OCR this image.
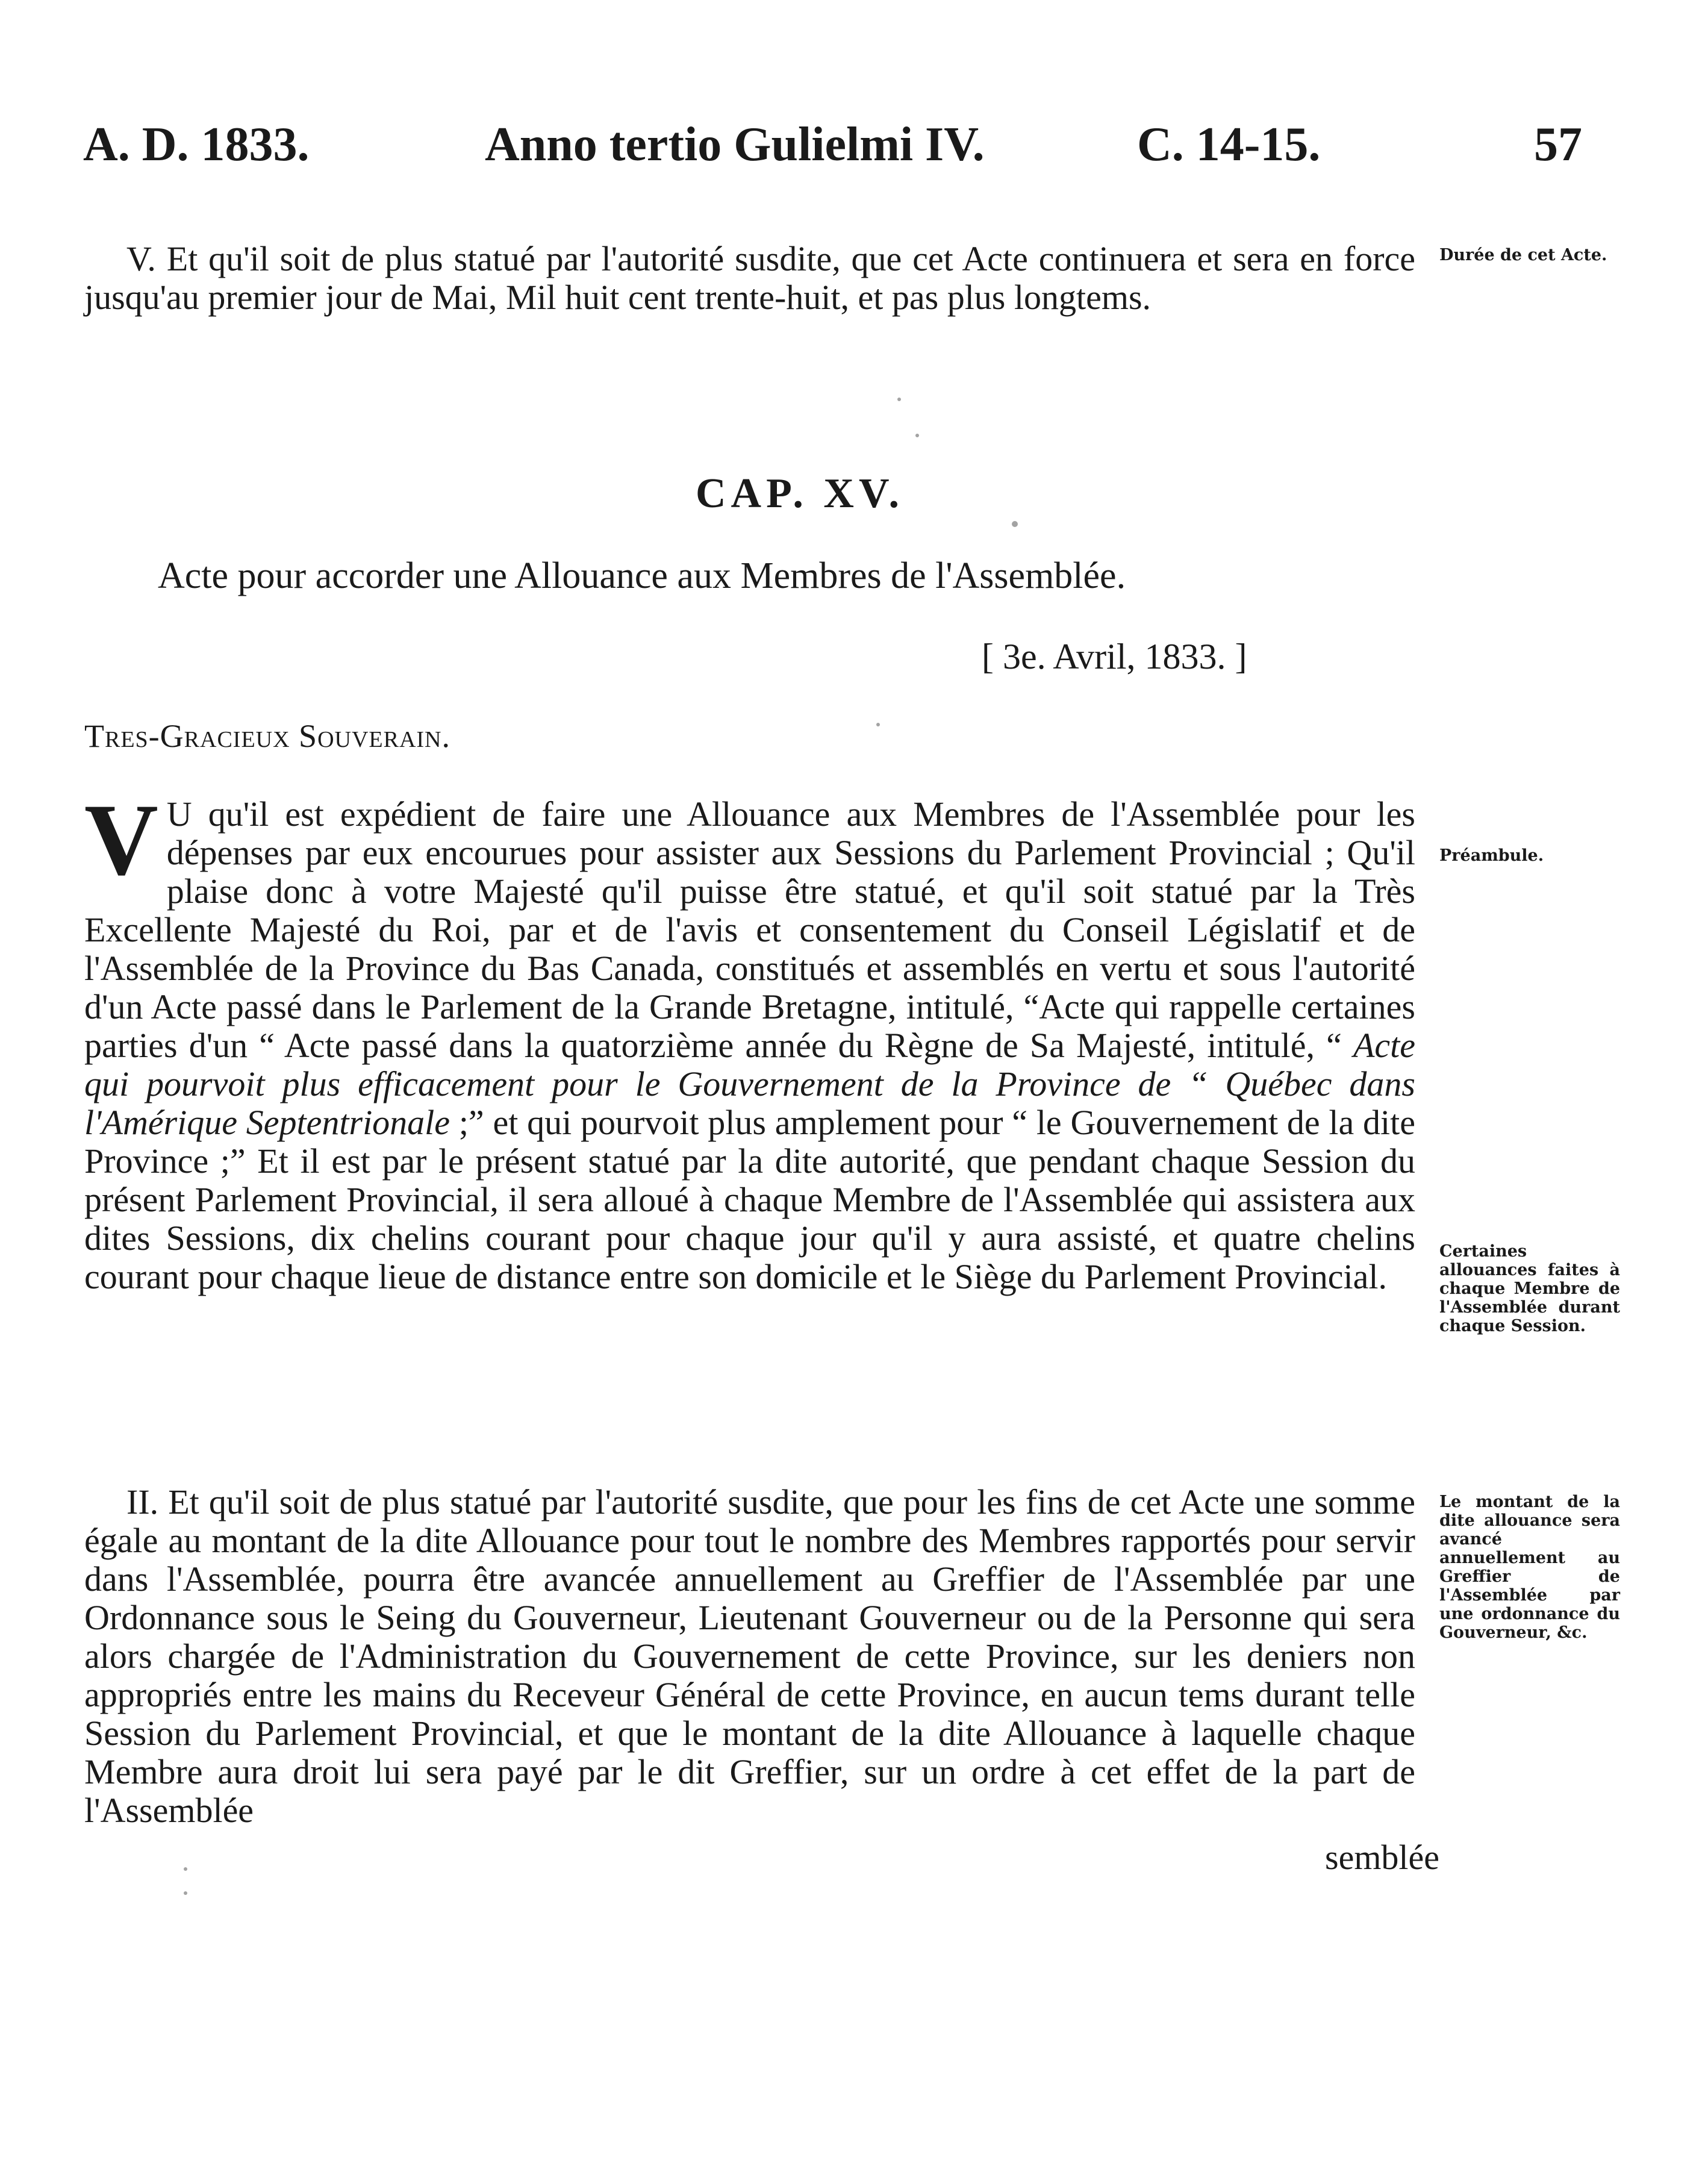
A. D. 1833.	Anno tertio Gulielmi IV.	C. 14-15.	57

V. Et qu'il soit de plus statué par l'autorité susdite, que cet Acte continuera et sera en force jusqu'au premier jour de Mai, Mil huit cent trente-huit, et pas plus longtems.

CAP. XV.
Acte pour accorder une Allouance aux Membres de l'Assemblée.
[ 3e. Avril, 1833. ]
Tres-Gracieux Souverain.
V U qu'il est expédient de faire une Allouance aux Membres de l'Assemblée pour les dépenses par eux encourues pour assister aux Sessions du Parlement Provincial ; Qu'il plaise donc à votre Majesté qu'il puisse être statué, et qu'il soit statué par la Très Excellente Majesté du Roi, par et de l'avis et consentement du Conseil Législatif et de l'Assemblée de la Province du Bas Canada, constitués et assemblés en vertu et sous l'autorité d'un Acte passé dans le Parlement de la Grande Bretagne, intitulé, “Acte qui rappelle certaines parties d'un “ Acte passé dans la quatorzième année du Règne de Sa Majesté, intitulé, “ Acte qui pourvoit plus efficacement pour le Gouvernement de la Province de “ Québec dans l'Amérique Septentrionale ;” et qui pourvoit plus amplement pour “ le Gouvernement de la dite Province ;” Et il est par le présent statué par la dite autorité, que pendant chaque Session du présent Parlement Provincial, il sera alloué à chaque Membre de l'Assemblée qui assistera aux dites Sessions, dix chelins courant pour chaque jour qu'il y aura assisté, et quatre chelins courant pour chaque lieue de distance entre son domicile et le Siège du Parlement Provincial.

II. Et qu'il soit de plus statué par l'autorité susdite, que pour les fins de cet Acte une somme égale au montant de la dite Allouance pour tout le nombre des Membres rapportés pour servir dans l'Assemblée, pourra être avancée annuellement au Greffier de l'Assemblée par une Ordonnance sous le Seing du Gouverneur, Lieutenant Gouverneur ou de la Personne qui sera alors chargée de l'Administration du Gouvernement de cette Province, sur les deniers non appropriés entre les mains du Receveur Général de cette Province, en aucun tems durant telle Session du Parlement Provincial, et que le montant de la dite Allouance à laquelle chaque Membre aura droit lui sera payé par le dit Greffier, sur un ordre à cet effet de la part de l'Assemblée

semblée
Durée de cet Acte.
Préambule.
Certaines allouances faites à chaque Membre de l'Assemblée durant chaque Session.
Le montant de la dite allouance sera avancé annuellement au Greffier de l'Assemblée par une ordonnance du Gouverneur, &c.
